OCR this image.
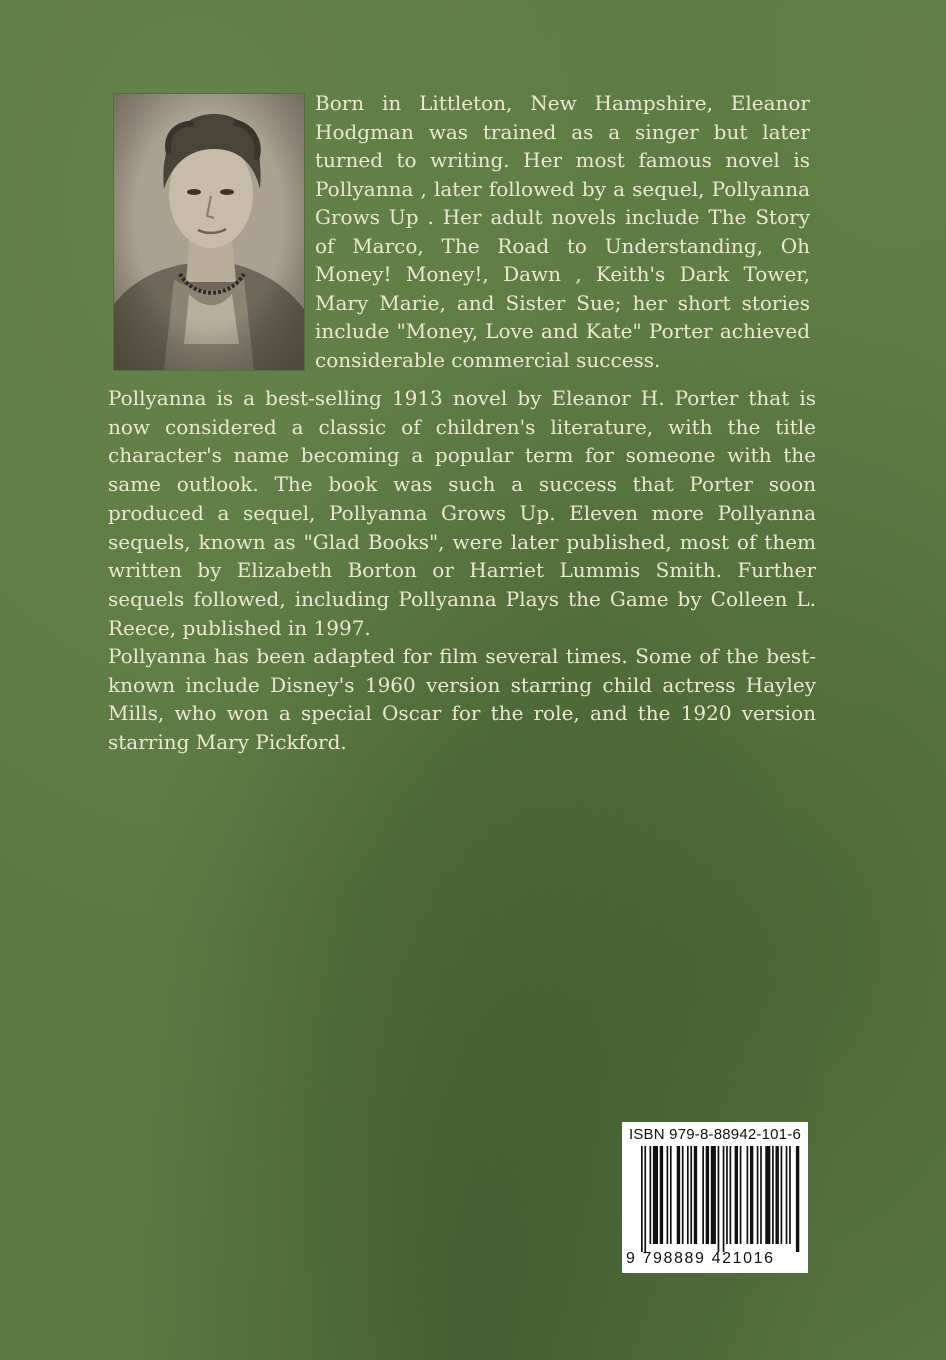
Born in Littleton, New Hampshire, Eleanor Hodgman was trained as a singer but later turned to writing. Her most famous novel is Pollyanna , later followed by a sequel, Pollyanna Grows Up . Her adult novels include The Story of Marco, The Road to Understanding, Oh Money! Money!, Dawn , Keith's Dark Tower, Mary Marie, and Sister Sue; her short stories include "Money, Love and Kate" Porter achieved considerable commercial success.

Pollyanna is a best-selling 1913 novel by Eleanor H. Porter that is now considered a classic of children's literature, with the title character's name becoming a popular term for someone with the same outlook. The book was such a success that Porter soon produced a sequel, Pollyanna Grows Up. Eleven more Pollyanna sequels, known as "Glad Books", were later published, most of them written by Elizabeth Borton or Harriet Lummis Smith. Further sequels followed, including Pollyanna Plays the Game by Colleen L. Reece, published in 1997.

Pollyanna has been adapted for film several times. Some of the best-known include Disney's 1960 version starring child actress Hayley Mills, who won a special Oscar for the role, and the 1920 version starring Mary Pickford.

ISBN 979-8-88942-101-6
9 798889 421016
